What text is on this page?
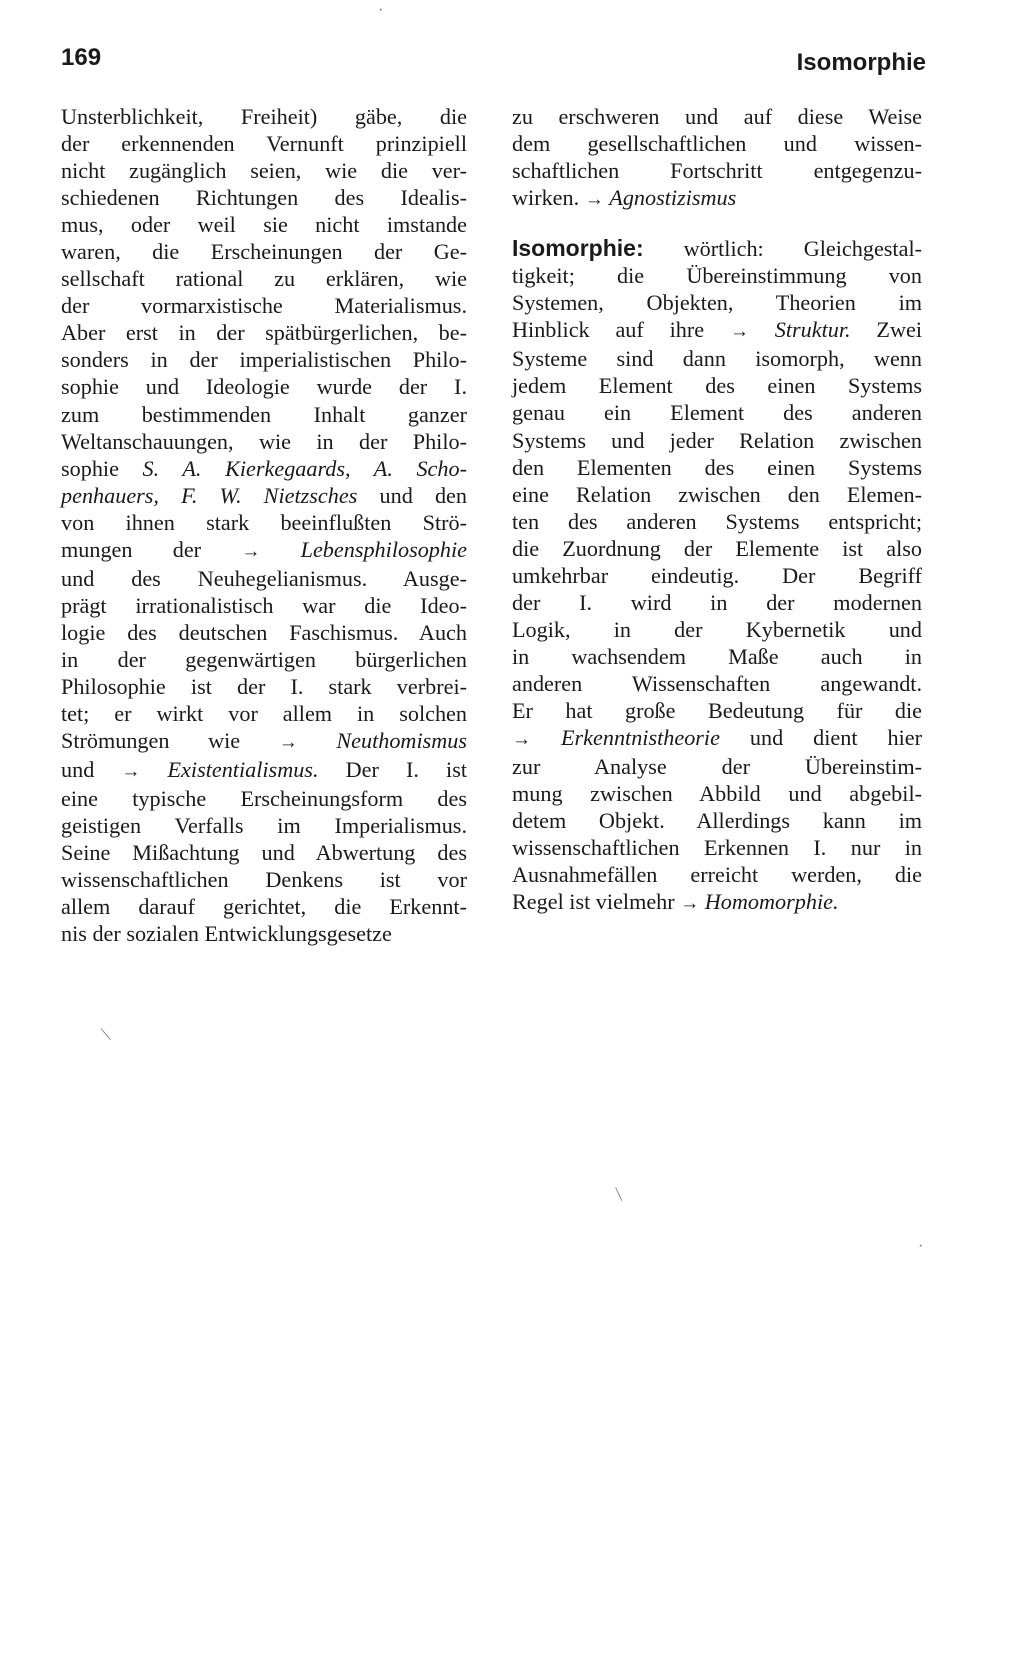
169	Isomorphie
Unsterblichkeit, Freiheit) gäbe, die
der erkennenden Vernunft prinzipiell
nicht zugänglich seien, wie die ver-
schiedenen Richtungen des Idealis-
mus, oder weil sie nicht imstande
waren, die Erscheinungen der Ge-
sellschaft rational zu erklären, wie
der vormarxistische Materialismus.
Aber erst in der spätbürgerlichen, be-
sonders in der imperialistischen Philo-
sophie und Ideologie wurde der I.
zum bestimmenden Inhalt ganzer
Weltanschauungen, wie in der Philo-
sophie S. A. Kierkegaards, A. Scho-
penhauers, F. W. Nietzsches und den
von ihnen stark beeinflußten Strö-
mungen der → Lebensphilosophie
und des Neuhegelianismus. Ausge-
prägt irrationalistisch war die Ideo-
logie des deutschen Faschismus. Auch
in der gegenwärtigen bürgerlichen
Philosophie ist der I. stark verbrei-
tet; er wirkt vor allem in solchen
Strömungen wie → Neuthomismus
und → Existentialismus. Der I. ist
eine typische Erscheinungsform des
geistigen Verfalls im Imperialismus.
Seine Mißachtung und Abwertung des
wissenschaftlichen Denkens ist vor
allem darauf gerichtet, die Erkennt-
nis der sozialen Entwicklungsgesetze
zu erschweren und auf diese Weise
dem gesellschaftlichen und wissen-
schaftlichen Fortschritt entgegenzu-
wirken. → Agnostizismus
Isomorphie: wörtlich: Gleichgestal-
tigkeit; die Übereinstimmung von
Systemen, Objekten, Theorien im
Hinblick auf ihre → Struktur. Zwei
Systeme sind dann isomorph, wenn
jedem Element des einen Systems
genau ein Element des anderen
Systems und jeder Relation zwischen
den Elementen des einen Systems
eine Relation zwischen den Elemen-
ten des anderen Systems entspricht;
die Zuordnung der Elemente ist also
umkehrbar eindeutig. Der Begriff
der I. wird in der modernen
Logik, in der Kybernetik und
in wachsendem Maße auch in
anderen Wissenschaften angewandt.
Er hat große Bedeutung für die
→ Erkenntnistheorie und dient hier
zur Analyse der Übereinstim-
mung zwischen Abbild und abgebil-
detem Objekt. Allerdings kann im
wissenschaftlichen Erkennen I. nur in
Ausnahmefällen erreicht werden, die
Regel ist vielmehr → Homomorphie.
·
|
|
·
